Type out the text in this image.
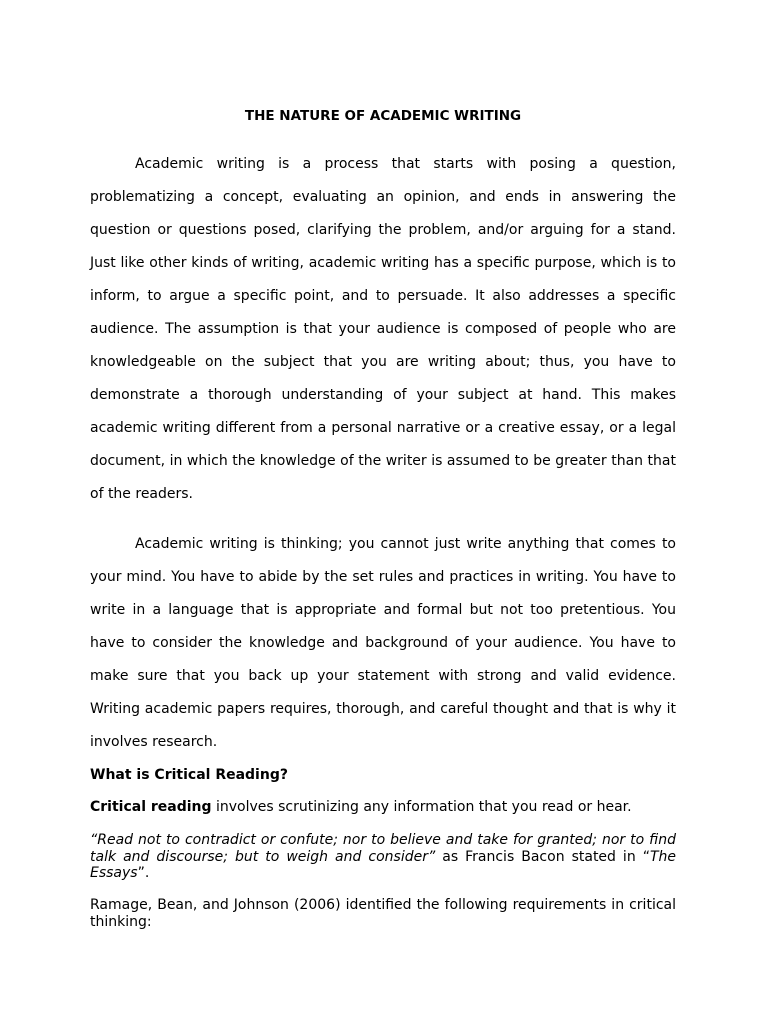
THE NATURE OF ACADEMIC WRITING

Academic writing is a process that starts with posing a question, problematizing a concept, evaluating an opinion, and ends in answering the question or questions posed, clarifying the problem, and/or arguing for a stand. Just like other kinds of writing, academic writing has a specific purpose, which is to inform, to argue a specific point, and to persuade. It also addresses a specific audience. The assumption is that your audience is composed of people who are knowledgeable on the subject that you are writing about; thus, you have to demonstrate a thorough understanding of your subject at hand. This makes academic writing different from a personal narrative or a creative essay, or a legal document, in which the knowledge of the writer is assumed to be greater than that of the readers.

Academic writing is thinking; you cannot just write anything that comes to your mind. You have to abide by the set rules and practices in writing. You have to write in a language that is appropriate and formal but not too pretentious. You have to consider the knowledge and background of your audience. You have to make sure that you back up your statement with strong and valid evidence. Writing academic papers requires, thorough, and careful thought and that is why it involves research.

What is Critical Reading?

Critical reading involves scrutinizing any information that you read or hear.

“Read not to contradict or confute; nor to believe and take for granted; nor to find talk and discourse; but to weigh and consider” as Francis Bacon stated in “The Essays”.

Ramage, Bean, and Johnson (2006) identified the following requirements in critical thinking:
